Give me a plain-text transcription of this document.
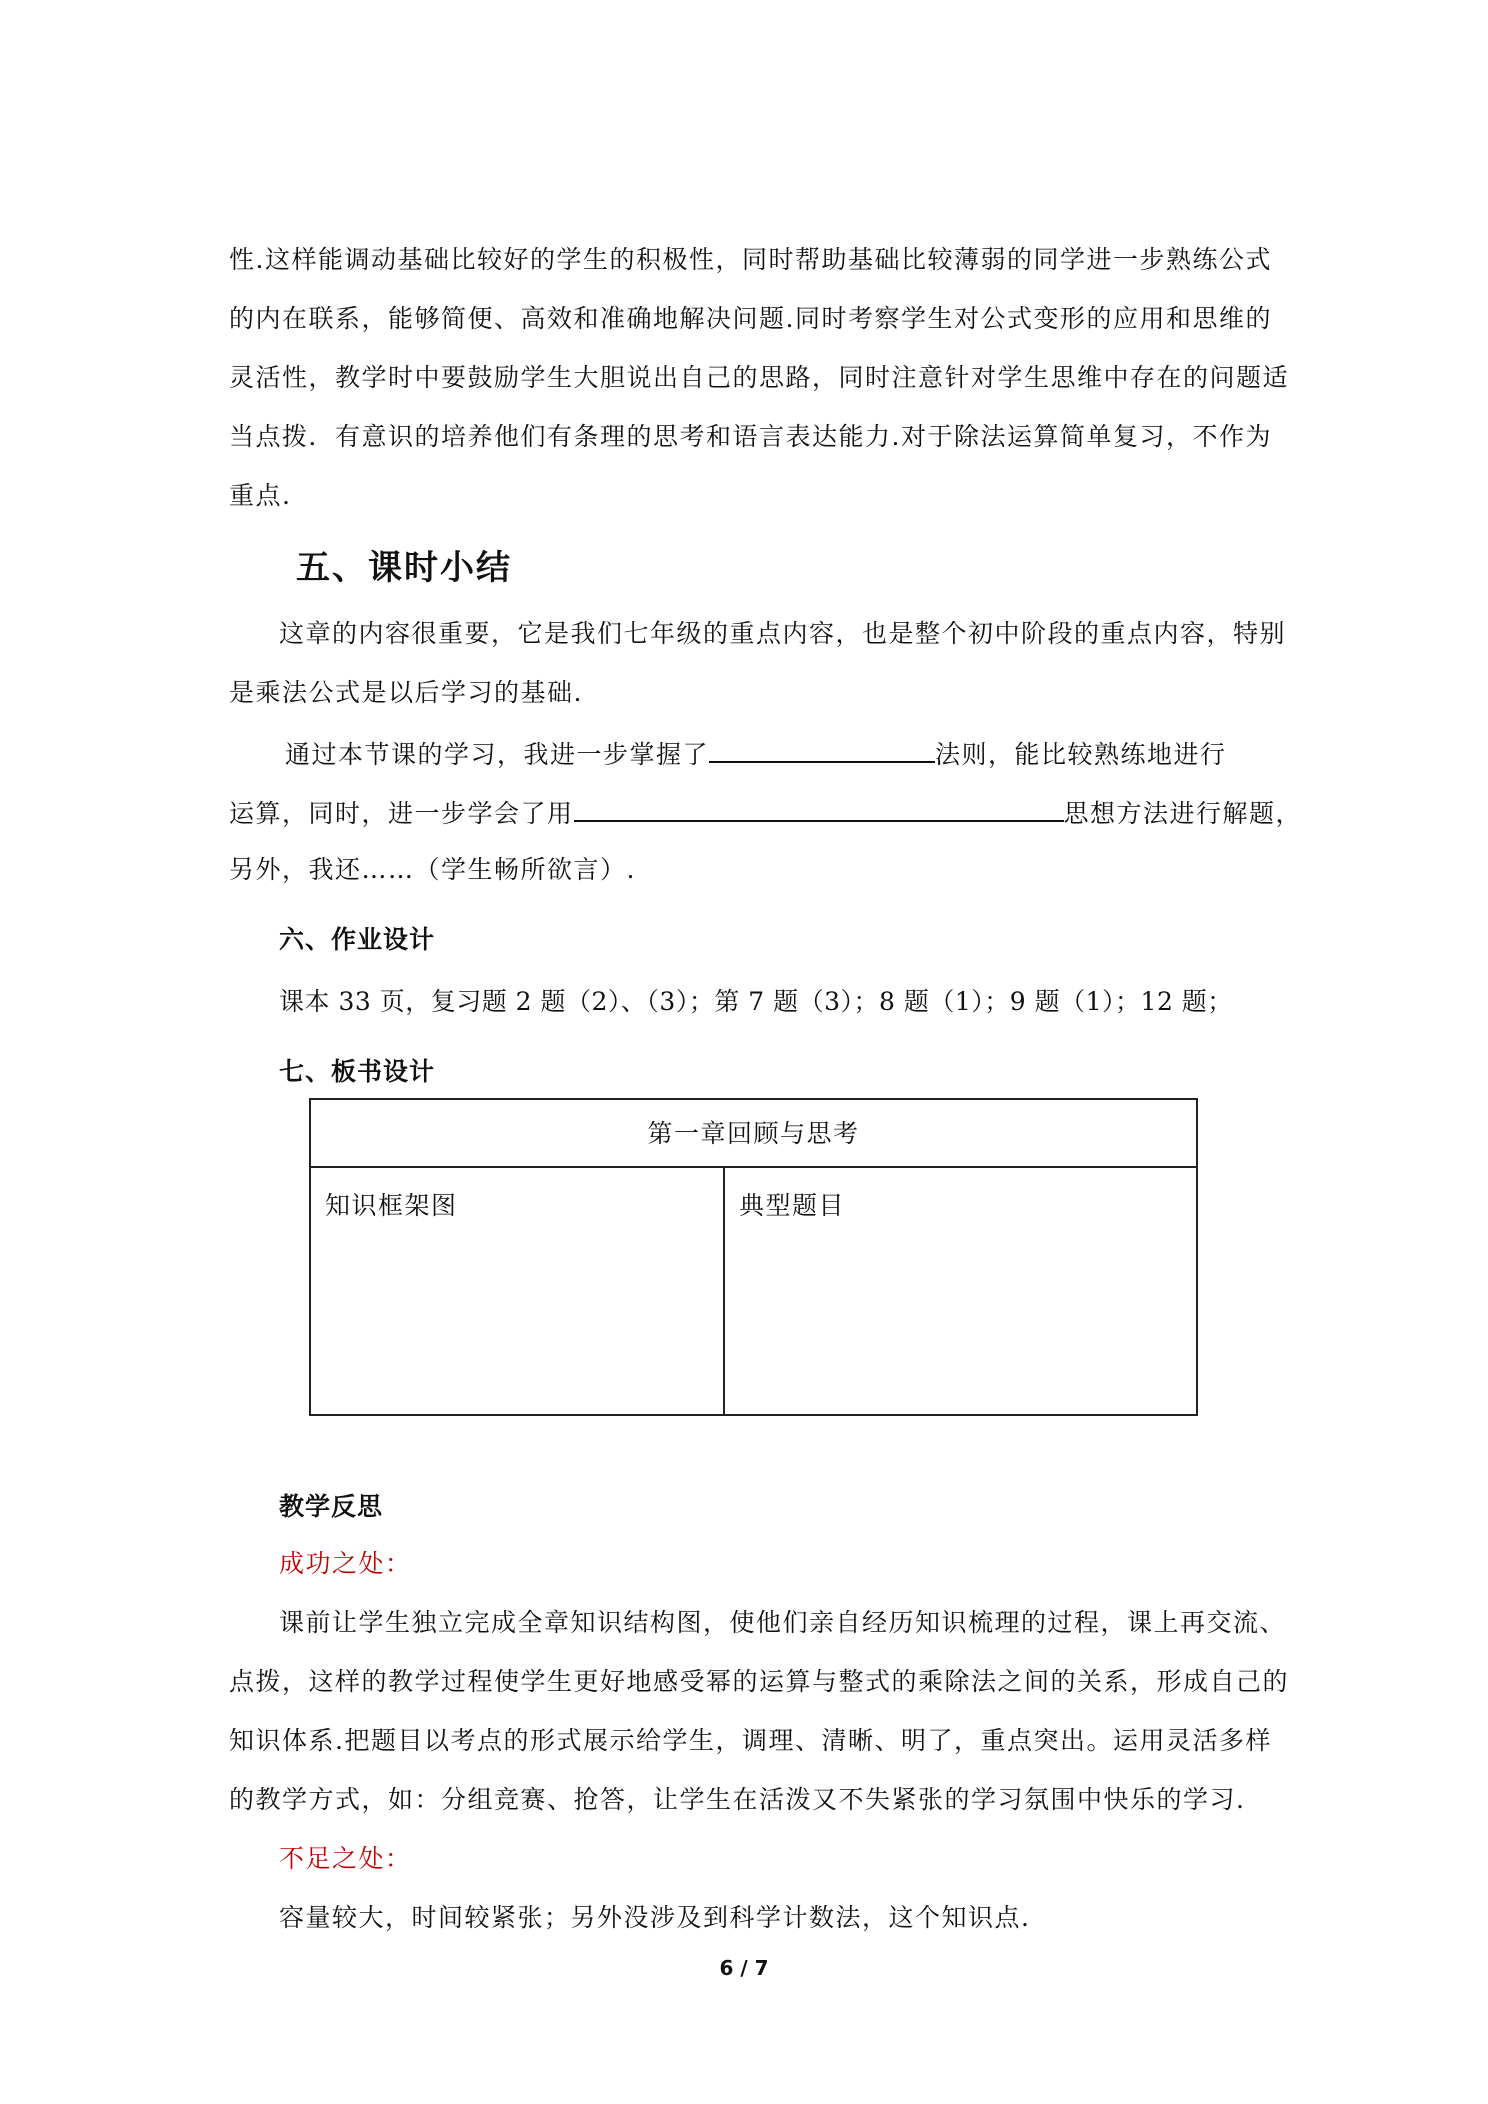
性.这样能调动基础比较好的学生的积极性，同时帮助基础比较薄弱的同学进一步熟练公式
的内在联系，能够简便、高效和准确地解决问题.同时考察学生对公式变形的应用和思维的
灵活性，教学时中要鼓励学生大胆说出自己的思路，同时注意针对学生思维中存在的问题适
当点拨．有意识的培养他们有条理的思考和语言表达能力.对于除法运算简单复习，不作为
重点.
五、课时小结
这章的内容很重要，它是我们七年级的重点内容，也是整个初中阶段的重点内容，特别
是乘法公式是以后学习的基础.
通过本节课的学习，我进一步掌握了	法则，能比较熟练地进行
运算，同时，进一步学会了用	思想方法进行解题，
另外，我还……（学生畅所欲言）.
六、作业设计
课本 33 页，复习题 2 题（2）、（3）；第 7 题（3）；8 题（1）；9 题（1）；12 题；
七、板书设计
第一章回顾与思考
知识框架图	典型题目
教学反思
成功之处：
课前让学生独立完成全章知识结构图，使他们亲自经历知识梳理的过程，课上再交流、
点拨，这样的教学过程使学生更好地感受幂的运算与整式的乘除法之间的关系，形成自己的
知识体系.把题目以考点的形式展示给学生，调理、清晰、明了，重点突出。运用灵活多样
的教学方式，如：分组竞赛、抢答，让学生在活泼又不失紧张的学习氛围中快乐的学习.
不足之处：
容量较大，时间较紧张；另外没涉及到科学计数法，这个知识点.
6 / 7
